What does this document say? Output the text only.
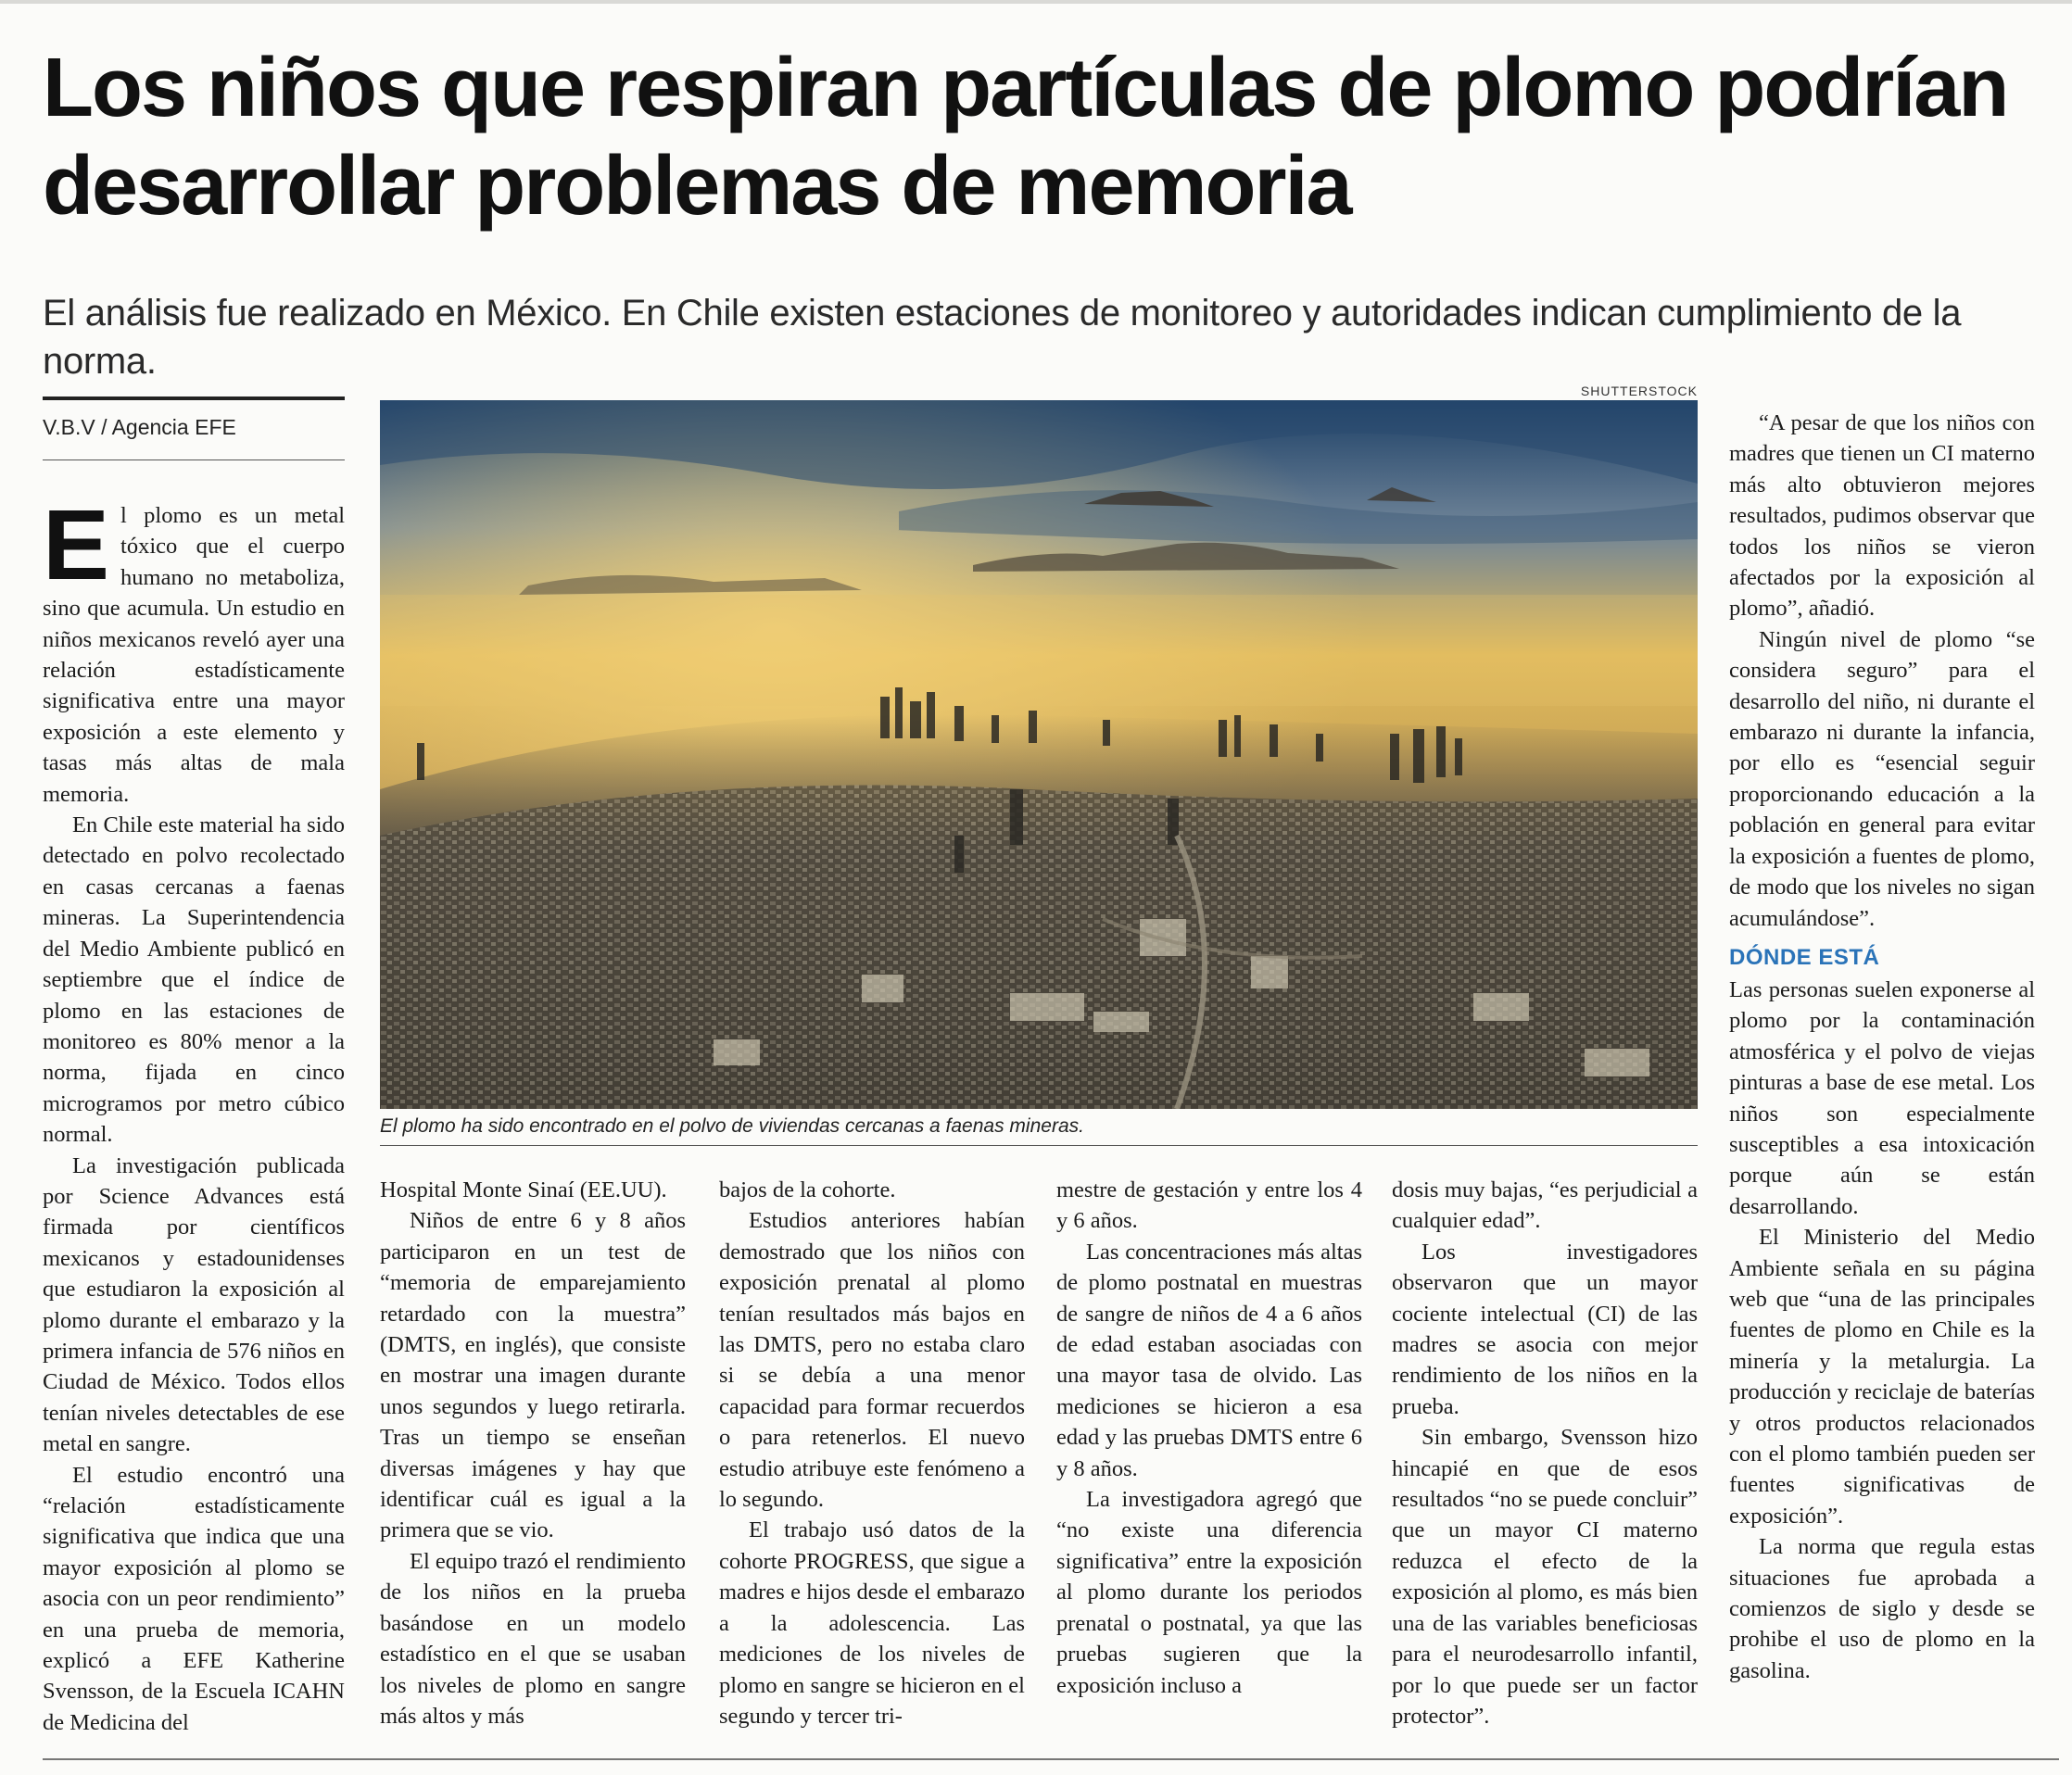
Los niños que respiran partículas de plomo podrían desarrollar problemas de memoria

El análisis fue realizado en México. En Chile existen estaciones de monitoreo y autoridades indican cumplimiento de la norma.

V.B.V / Agencia EFE
E l plomo es un metal tóxico que el cuerpo humano no metaboliza, sino que acumula. Un estudio en niños mexicanos reveló ayer una relación estadísticamente significativa entre una mayor exposición a este elemento y tasas más altas de mala memoria.

En Chile este material ha sido detectado en polvo recolectado en casas cercanas a faenas mineras. La Superintendencia del Medio Ambiente publicó en septiembre que el índice de plomo en las estaciones de monitoreo es 80% menor a la norma, fijada en cinco microgramos por metro cúbico normal.

La investigación publicada por Science Advances está firmada por científicos mexicanos y estadounidenses que estudiaron la exposición al plomo durante el embarazo y la primera infancia de 576 niños en Ciudad de México. Todos ellos tenían niveles detectables de ese metal en sangre.

El estudio encontró una “relación estadísticamente significativa que indica que una mayor exposición al plomo se asocia con un peor rendimiento” en una prueba de memoria, explicó a EFE Katherine Svensson, de la Escuela ICAHN de Medicina del

SHUTTERSTOCK
El plomo ha sido encontrado en el polvo de viviendas cercanas a faenas mineras.

Hospital Monte Sinaí (EE.UU).

Niños de entre 6 y 8 años participaron en un test de “memoria de emparejamiento retardado con la muestra” (DMTS, en inglés), que consiste en mostrar una imagen durante unos segundos y luego retirarla. Tras un tiempo se enseñan diversas imágenes y hay que identificar cuál es igual a la primera que se vio.

El equipo trazó el rendimiento de los niños en la prueba basándose en un modelo estadístico en el que se usaban los niveles de plomo en sangre más altos y más

bajos de la cohorte.

Estudios anteriores habían demostrado que los niños con exposición prenatal al plomo tenían resultados más bajos en las DMTS, pero no estaba claro si se debía a una menor capacidad para formar recuerdos o para retenerlos. El nuevo estudio atribuye este fenómeno a lo segundo.

El trabajo usó datos de la cohorte PROGRESS, que sigue a madres e hijos desde el embarazo a la adolescencia. Las mediciones de los niveles de plomo en sangre se hicieron en el segundo y tercer tri-

mestre de gestación y entre los 4 y 6 años.

Las concentraciones más altas de plomo postnatal en muestras de sangre de niños de 4 a 6 años de edad estaban asociadas con una mayor tasa de olvido. Las mediciones se hicieron a esa edad y las pruebas DMTS entre 6 y 8 años.

La investigadora agregó que “no existe una diferencia significativa” entre la exposición al plomo durante los periodos prenatal o postnatal, ya que las pruebas sugieren que la exposición incluso a

dosis muy bajas, “es perjudicial a cualquier edad”.

Los investigadores observaron que un mayor cociente intelectual (CI) de las madres se asocia con mejor rendimiento de los niños en la prueba.

Sin embargo, Svensson hizo hincapié en que de esos resultados “no se puede concluir” que un mayor CI materno reduzca el efecto de la exposición al plomo, es más bien una de las variables beneficiosas para el neurodesarrollo infantil, por lo que puede ser un factor protector”.

“A pesar de que los niños con madres que tienen un CI materno más alto obtuvieron mejores resultados, pudimos observar que todos los niños se vieron afectados por la exposición al plomo”, añadió.

Ningún nivel de plomo “se considera seguro” para el desarrollo del niño, ni durante el embarazo ni durante la infancia, por ello es “esencial seguir proporcionando educación a la población en general para evitar la exposición a fuentes de plomo, de modo que los niveles no sigan acumulándose”.

DÓNDE ESTÁ

Las personas suelen exponerse al plomo por la contaminación atmosférica y el polvo de viejas pinturas a base de ese metal. Los niños son especialmente susceptibles a esa intoxicación porque aún se están desarrollando.

El Ministerio del Medio Ambiente señala en su página web que “una de las principales fuentes de plomo en Chile es la minería y la metalurgia. La producción y reciclaje de baterías y otros productos relacionados con el plomo también pueden ser fuentes significativas de exposición”.

La norma que regula estas situaciones fue aprobada a comienzos de siglo y desde se prohibe el uso de plomo en la gasolina.
